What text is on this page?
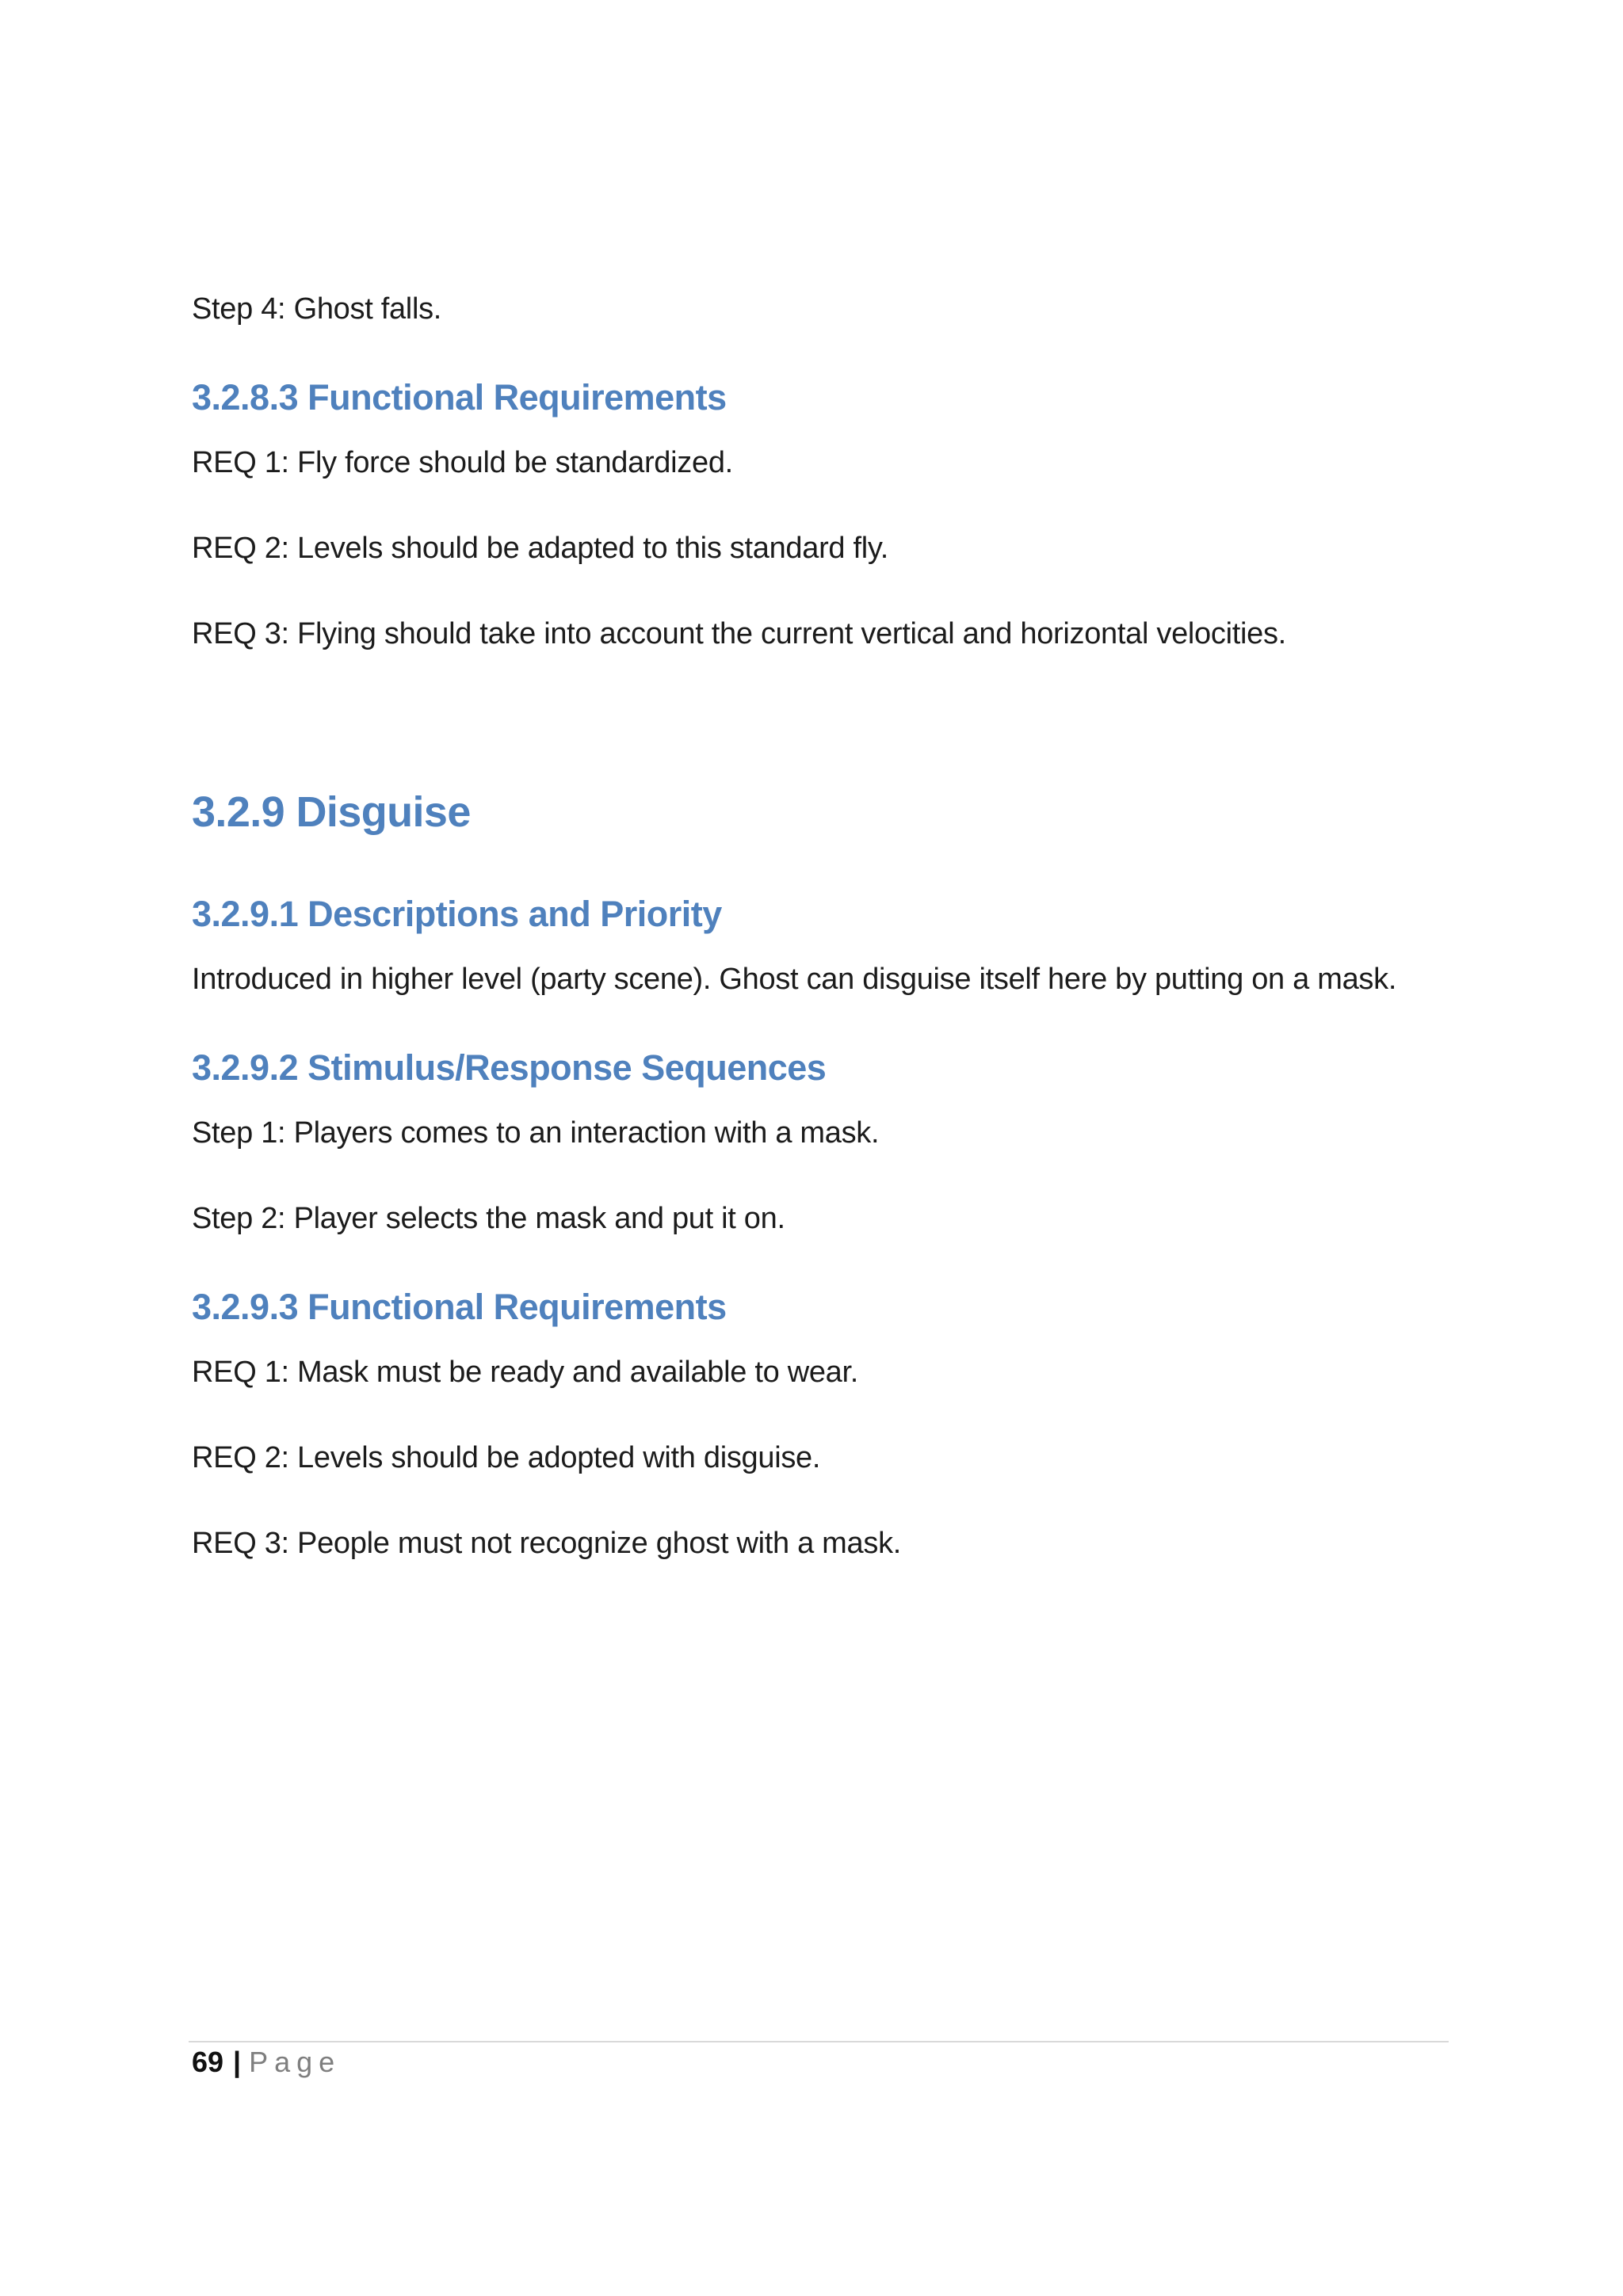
Step 4: Ghost falls.
3.2.8.3 Functional Requirements
REQ 1: Fly force should be standardized.
REQ 2: Levels should be adapted to this standard fly.
REQ 3: Flying should take into account the current vertical and horizontal velocities.
3.2.9 Disguise
3.2.9.1 Descriptions and Priority
Introduced in higher level (party scene). Ghost can disguise itself here by putting on a mask.
3.2.9.2 Stimulus/Response Sequences
Step 1: Players comes to an interaction with a mask.
Step 2: Player selects the mask and put it on.
3.2.9.3 Functional Requirements
REQ 1: Mask must be ready and available to wear.
REQ 2: Levels should be adopted with disguise.
REQ 3: People must not recognize ghost with a mask.
69 | Page
